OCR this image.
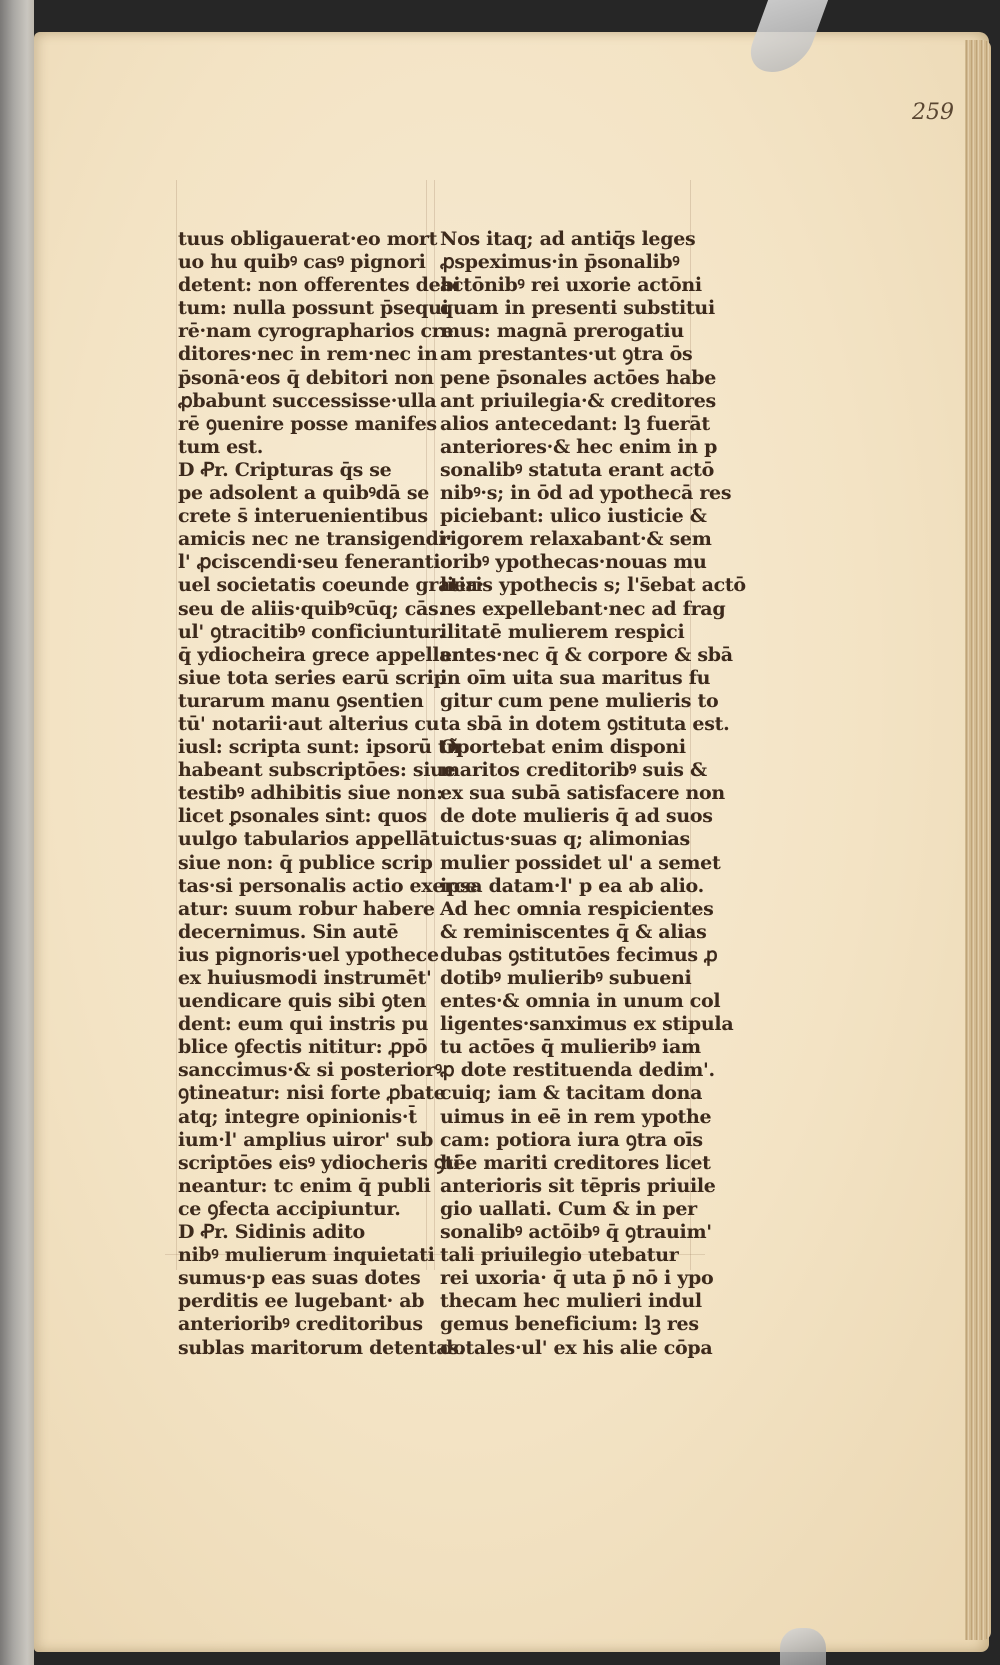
259
tuus obligauerat·eo mort
uo hu quibꝰ casꝰ pignori
detent: non offerentes debi
tum: nulla possunt p̄sequi
rē·nam cyrographarios cre
ditores·nec in rem·nec in
p̄sonā·eos q̄ debitori non
ꝓbabunt successisse·ulla
rē ꝯuenire posse manifes
tum est.
D Ꝓr. Cripturas q̄s se
pe adsolent a quibꝰdā se
crete s̄ interuenientibus
amicis nec ne transigendi·
l' ꝓciscendi·seu feneranti·
uel societatis coeunde gratia·
seu de aliis·quibꝰcūq; cās.
ul' ꝯtracitibꝰ conficiuntur.
q̄ ydiocheira grece appellant
siue tota series earū scrip
turarum manu ꝯsentien
tū' notarii·aut alterius cu
iusl: scripta sunt: ipsorū tñ
habeant subscriptōes: siue
testibꝰ adhibitis siue non:
licet ꝑsonales sint: quos
uulgo tabularios appellāt
siue non: q̄ publice scrip
tas·si personalis actio exerce
atur: suum robur habere
decernimus. Sin autē
ius pignoris·uel ypothece
ex huiusmodi instrumēt'
uendicare quis sibi ꝯten
dent: eum qui instris pu
blice ꝯfectis nititur: ꝓpō
sanccimus·& si posteriorꝰ
ꝯtineatur: nisi forte ꝓbate
atq; integre opinionis·t̄
ium·l' amplius uiror' sub
scriptōes eisꝰ ydiocheris ꝯti
neantur: tc enim q̄ publi
ce ꝯfecta accipiuntur.
D Ꝓr. Sidinis adito
nibꝰ mulierum inquietati
sumus·p eas suas dotes
perditis ee lugebant· ab
anterioribꝰ creditoribus
sublas maritorum detentas.
Nos itaq; ad antiq̄s leges
ꝓspeximus·in p̄sonalibꝰ
actōnibꝰ rei uxorie actōni
quam in presenti substitui
mus: magnā prerogatiu
am prestantes·ut ꝯtra ōs
pene p̄sonales actōes habe
ant priuilegia·& creditores
alios antecedant: lꝫ fuerāt
anteriores·& hec enim in p
sonalibꝰ statuta erant actō
nibꝰ·s; in ōd ad ypothecā res
piciebant: ulico iusticie &
rigorem relaxabant·& sem
oribꝰ ypothecas·nouas mu
lieris ypothecis s; l's̄ebat actō
nes expellebant·nec ad frag
ilitatē mulierem respici
entes·nec q̄ & corpore & sbā
in oīm uita sua maritus fu
gitur cum pene mulieris to
ta sbā in dotem ꝯstituta est.
Oportebat enim disponi
maritos creditoribꝰ suis &
ex sua subā satisfacere non
de dote mulieris q̄ ad suos
uictus·suas q; alimonias
mulier possidet ul' a semet
ipsa datam·l' p ea ab alio.
Ad hec omnia respicientes
& reminiscentes q̄ & alias
dubas ꝯstitutōes fecimus ꝓ
dotibꝰ mulieribꝰ subueni
entes·& omnia in unum col
ligentes·sanximus ex stipula
tu actōes q̄ mulieribꝰ iam
ꝓ dote restituenda dedim'.
cuiq; iam & tacitam dona
uimus in eē in rem ypothe
cam: potiora iura ꝯtra oīs
hēe mariti creditores licet
anterioris sit tēpris priuile
gio uallati. Cum & in per
sonalibꝰ actōibꝰ q̄ ꝯtrauim'
tali priuilegio utebatur
rei uxoria· q̄ uta p̄ nō i ypo
thecam hec mulieri indul
gemus beneficium: lꝫ res
dotales·ul' ex his alie cōpa
